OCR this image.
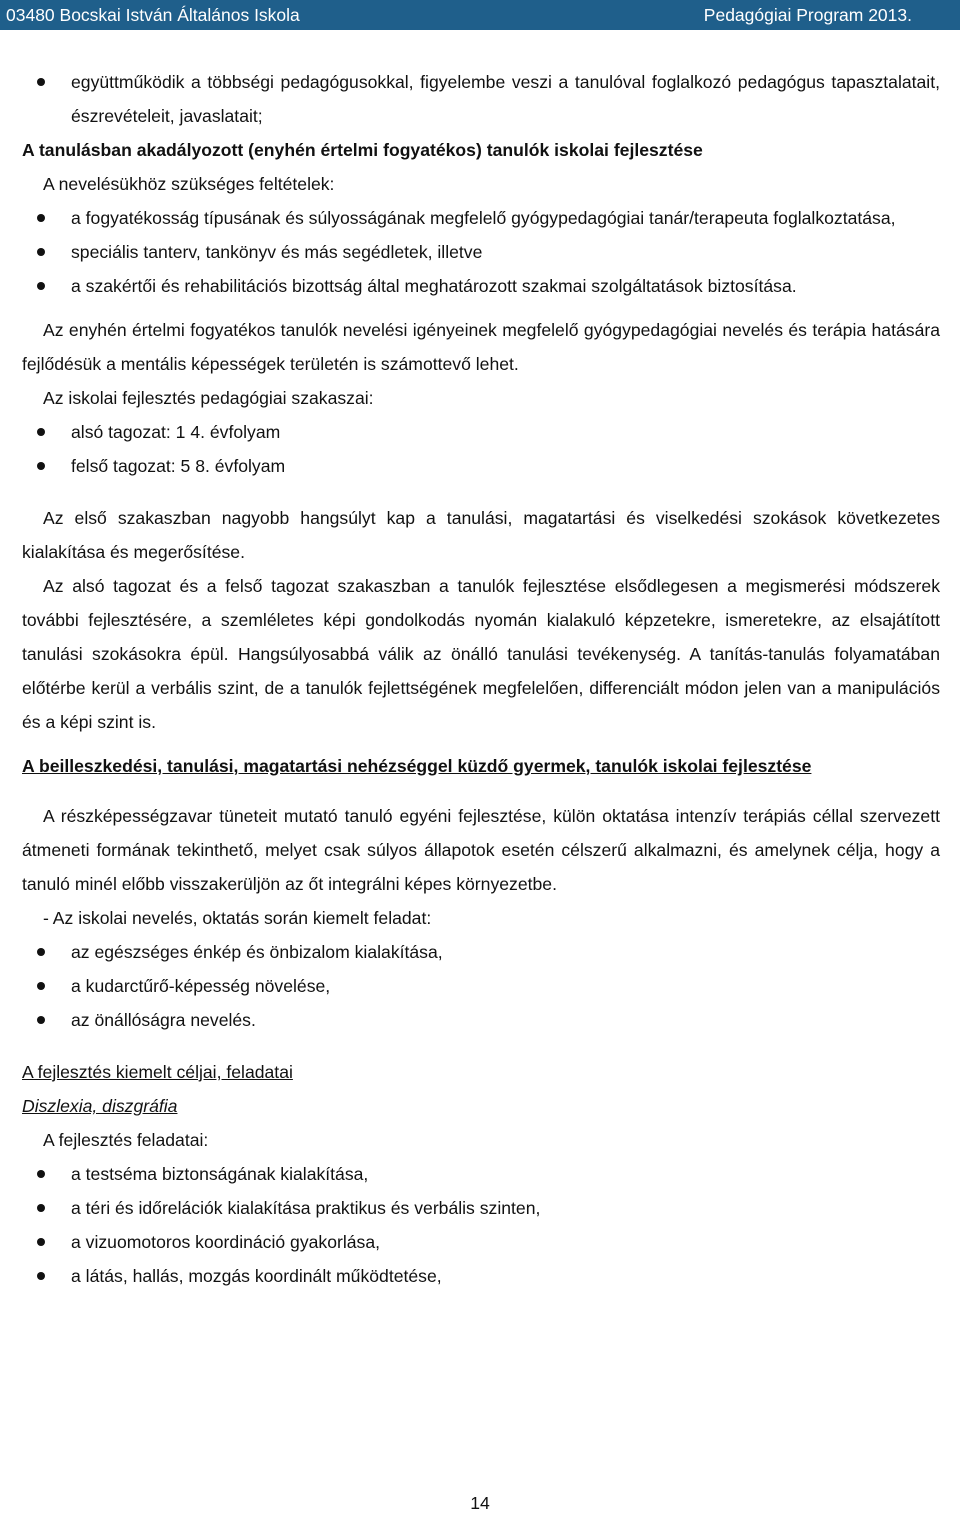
03480 Bocskai István Általános Iskola	Pedagógiai Program 2013.
együttműködik a többségi pedagógusokkal, figyelembe veszi a tanulóval foglalkozó pedagógus tapasztalatait, észrevételeit, javaslatait;
A tanulásban akadályozott (enyhén értelmi fogyatékos) tanulók iskolai fejlesztése
A nevelésükhöz szükséges feltételek:
a fogyatékosság típusának és súlyosságának megfelelő gyógypedagógiai tanár/terapeuta foglalkoztatása,
speciális tanterv, tankönyv és más segédletek, illetve
a szakértői és rehabilitációs bizottság által meghatározott szakmai szolgáltatások biztosítása.
Az enyhén értelmi fogyatékos tanulók nevelési igényeinek megfelelő gyógypedagógiai nevelés és terápia hatására fejlődésük a mentális képességek területén is számottevő lehet.
Az iskolai fejlesztés pedagógiai szakaszai:
alsó tagozat: 1 4. évfolyam
felső tagozat: 5 8. évfolyam
Az első szakaszban nagyobb hangsúlyt kap a tanulási, magatartási és viselkedési szokások következetes kialakítása és megerősítése.
Az alsó tagozat és a felső tagozat szakaszban a tanulók fejlesztése elsődlegesen a megismerési módszerek további fejlesztésére, a szemléletes képi gondolkodás nyomán kialakuló képzetekre, ismeretekre, az elsajátított tanulási szokásokra épül. Hangsúlyosabbá válik az önálló tanulási tevékenység. A tanítás-tanulás folyamatában előtérbe kerül a verbális szint, de a tanulók fejlettségének megfelelően, differenciált módon jelen van a manipulációs és a képi szint is.
A beilleszkedési, tanulási, magatartási nehézséggel küzdő gyermek, tanulók iskolai fejlesztése
A részképességzavar tüneteit mutató tanuló egyéni fejlesztése, külön oktatása intenzív terápiás céllal szervezett átmeneti formának tekinthető, melyet csak súlyos állapotok esetén célszerű alkalmazni, és amelynek célja, hogy a tanuló minél előbb visszakerüljön az őt integrálni képes környezetbe.
- Az iskolai nevelés, oktatás során kiemelt feladat:
az egészséges énkép és önbizalom kialakítása,
a kudarctűrő-képesség növelése,
az önállóságra nevelés.
A fejlesztés kiemelt céljai, feladatai
Diszlexia, diszgráfia
A fejlesztés feladatai:
a testséma biztonságának kialakítása,
a téri és időrelációk kialakítása praktikus és verbális szinten,
a vizuomotoros koordináció gyakorlása,
a látás, hallás, mozgás koordinált működtetése,
14
